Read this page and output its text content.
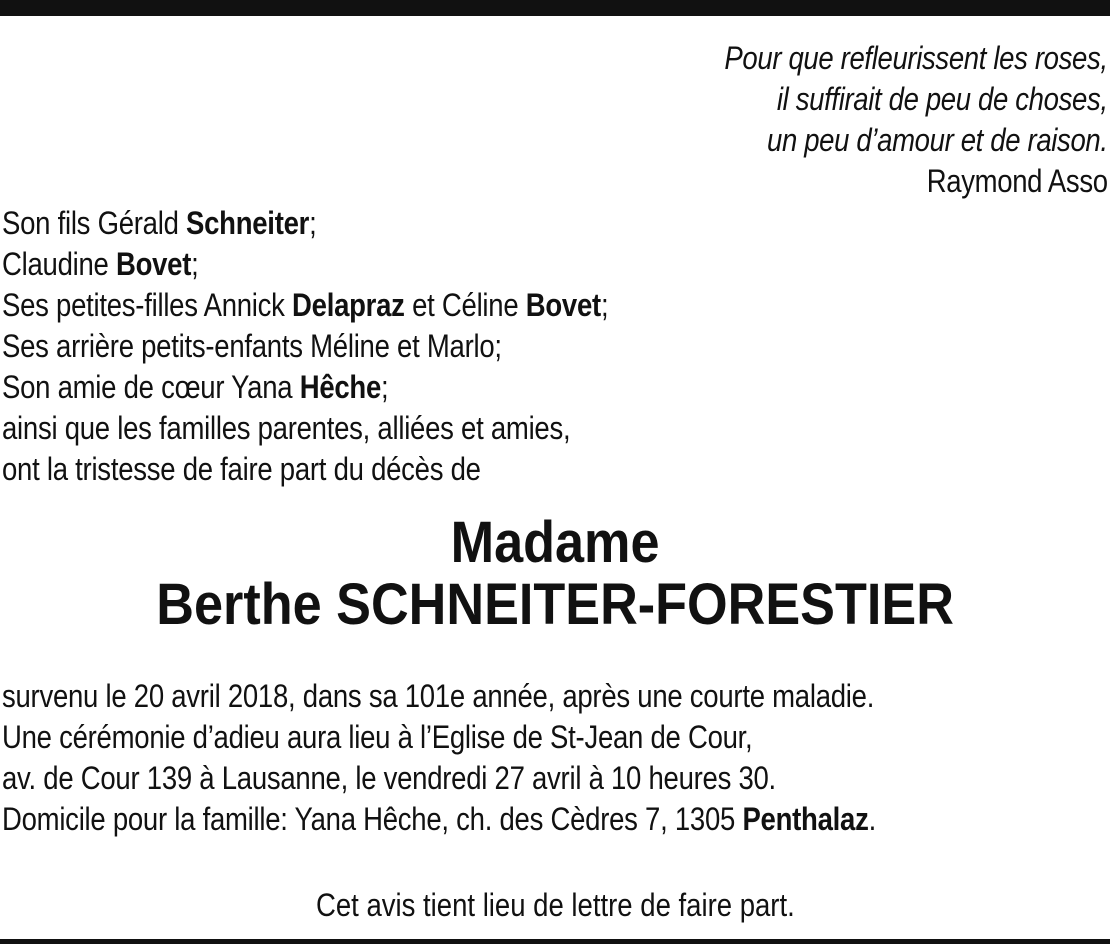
Pour que refleurissent les roses,
il suffirait de peu de choses,
un peu d’amour et de raison.
Raymond Asso
Son fils Gérald Schneiter;
Claudine Bovet;
Ses petites-filles Annick Delapraz et Céline Bovet;
Ses arrière petits-enfants Méline et Marlo;
Son amie de cœur Yana Hêche;
ainsi que les familles parentes, alliées et amies,
ont la tristesse de faire part du décès de
Madame
Berthe SCHNEITER-FORESTIER
survenu le 20 avril 2018, dans sa 101e année, après une courte maladie.
Une cérémonie d’adieu aura lieu à l’Eglise de St-Jean de Cour,
av. de Cour 139 à Lausanne, le vendredi 27 avril à 10 heures 30.
Domicile pour la famille: Yana Hêche, ch. des Cèdres 7, 1305 Penthalaz.
Cet avis tient lieu de lettre de faire part.
